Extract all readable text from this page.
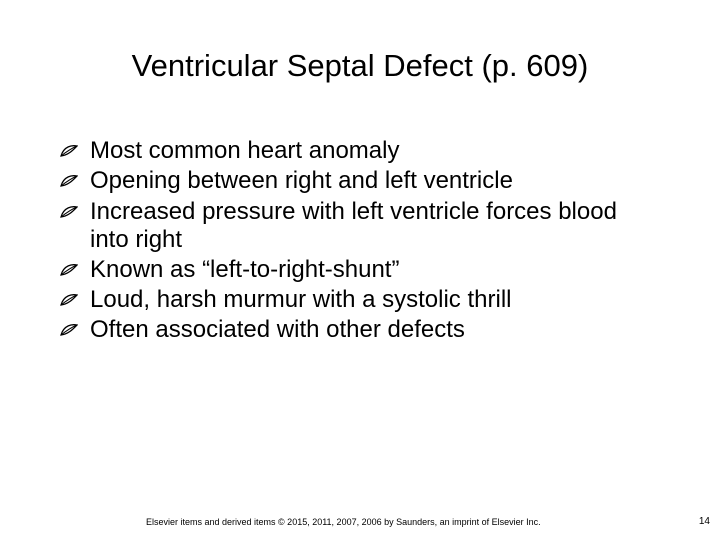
Ventricular Septal Defect (p. 609)
Most common heart anomaly
Opening between right and left ventricle
Increased pressure with left ventricle forces blood into right
Known as “left-to-right-shunt”
Loud, harsh murmur with a systolic thrill
Often associated with other defects
Elsevier items and derived items © 2015, 2011, 2007, 2006 by Saunders, an imprint of Elsevier Inc.	14
